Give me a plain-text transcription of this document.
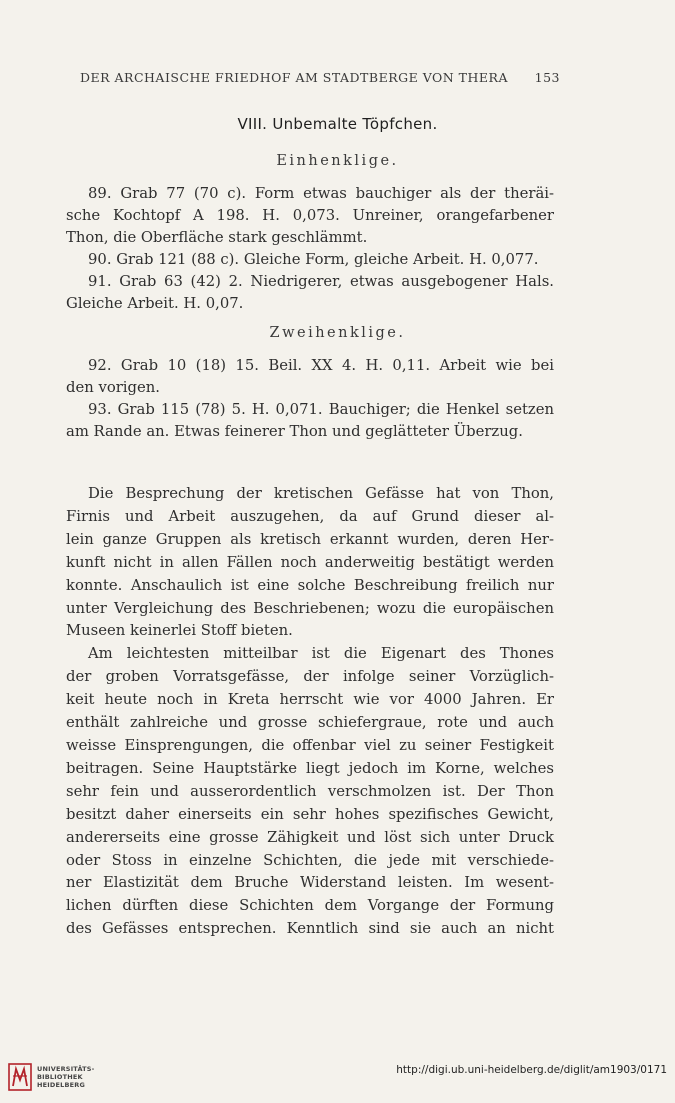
DER ARCHAISCHE FRIEDHOF AM STADTBERGE VON THERA 153
VIII. Unbemalte Töpfchen.
Einhenklige.
89. Grab 77 (70 c). Form etwas bauchiger als der theräi-
sche Kochtopf A 198. H. 0,073. Unreiner, orangefarbener
Thon, die Oberfläche stark geschlämmt.
90. Grab 121 (88 c). Gleiche Form, gleiche Arbeit. H. 0,077.
91. Grab 63 (42) 2. Niedrigerer, etwas ausgebogener Hals.
Gleiche Arbeit. H. 0,07.
Zweihenklige.
92. Grab 10 (18) 15. Beil. XX 4. H. 0,11. Arbeit wie bei
den vorigen.
93. Grab 115 (78) 5. H. 0,071. Bauchiger; die Henkel setzen
am Rande an. Etwas feinerer Thon und geglätteter Überzug.
Die Besprechung der kretischen Gefässe hat von Thon,
Firnis und Arbeit auszugehen, da auf Grund dieser al-
lein ganze Gruppen als kretisch erkannt wurden, deren Her-
kunft nicht in allen Fällen noch anderweitig bestätigt werden
konnte. Anschaulich ist eine solche Beschreibung freilich nur
unter Vergleichung des Beschriebenen; wozu die europäischen
Museen keinerlei Stoff bieten.
Am leichtesten mitteilbar ist die Eigenart des Thones
der groben Vorratsgefässe, der infolge seiner Vorzüglich-
keit heute noch in Kreta herrscht wie vor 4000 Jahren. Er
enthält zahlreiche und grosse schiefergraue, rote und auch
weisse Einsprengungen, die offenbar viel zu seiner Festigkeit
beitragen. Seine Hauptstärke liegt jedoch im Korne, welches
sehr fein und ausserordentlich verschmolzen ist. Der Thon
besitzt daher einerseits ein sehr hohes spezifisches Gewicht,
andererseits eine grosse Zähigkeit und löst sich unter Druck
oder Stoss in einzelne Schichten, die jede mit verschiede-
ner Elastizität dem Bruche Widerstand leisten. Im wesent-
lichen dürften diese Schichten dem Vorgange der Formung
des Gefässes entsprechen. Kenntlich sind sie auch an nicht
UNIVERSITÄTS-
BIBLIOTHEK
HEIDELBERG
http://digi.ub.uni-heidelberg.de/diglit/am1903/0171
